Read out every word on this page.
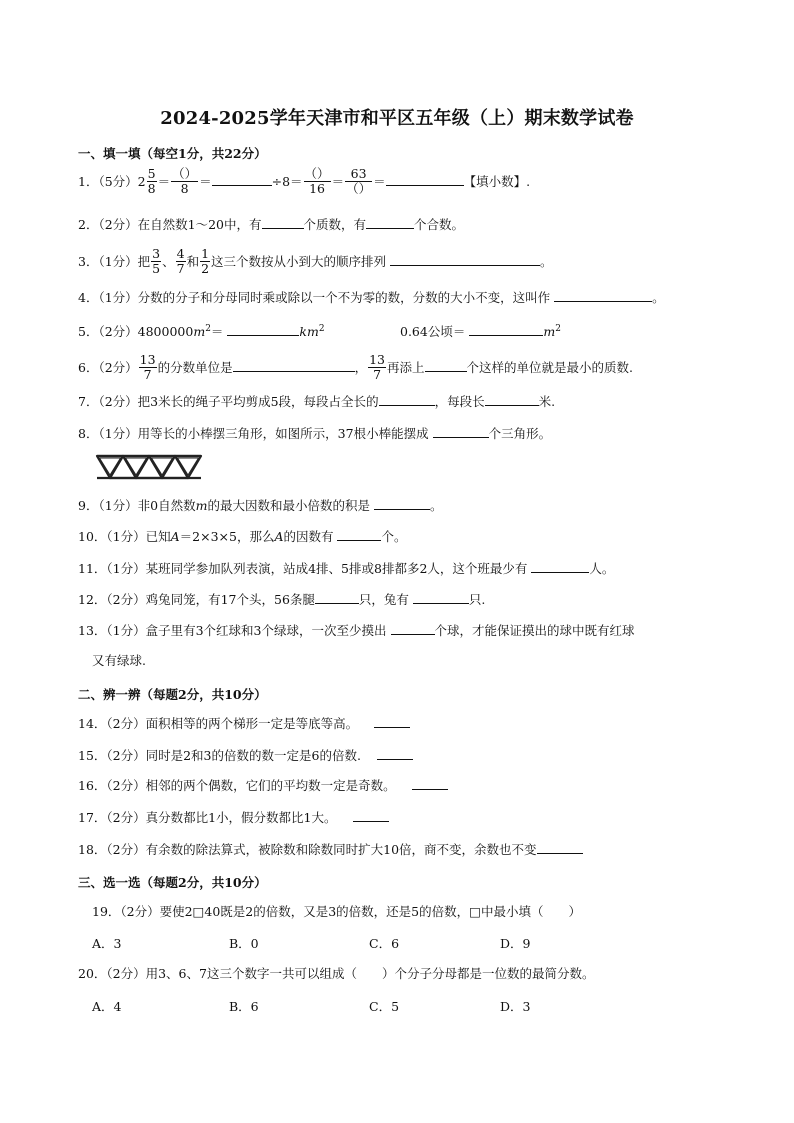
2024-2025学年天津市和平区五年级（上）期末数学试卷
一、填一填（每空1分，共22分）
1．（5分）$2 \frac{5}{8} = \frac{()}{8}$ ＝	$\div 8= \frac{()}{16} = \frac{63}{()}$ ＝	【填小数】.
2．（2分）在自然数1～20中，有	个质数，有	个合数。
3．（1分）把 $\frac{3}{5}$ 、 $\frac{4}{7}$ 和 $\frac{1}{2}$ 这三个数按从小到大的顺序排列	。
4．（1分）分数的分子和分母同时乘或除以一个不为零的数，分数的大小不变，这叫作	。
5．（2分）$4800000m^2=$	$km^2$	0.64公顷＝	$m^2$
6．（2分） $\frac{13}{7}$ 的分数单位是	， $\frac{13}{7}$ 再添上	个这样的单位就是最小的质数.
7．（2分）把3米长的绳子平均剪成5段，每段占全长的	，每段长	米.
8．（1分）用等长的小棒摆三角形，如图所示，37根小棒能摆成	个三角形。
9．（1分）非0自然数m的最大因数和最小倍数的积是	。
10．（1分）已知A＝2×3×5，那么A的因数有	个。
11．（1分）某班同学参加队列表演，站成4排、5排或8排都多2人，这个班最少有	人。
12．（2分）鸡兔同笼，有17个头，56条腿	只，兔有	只.
13．（1分）盒子里有3个红球和3个绿球，一次至少摸出	个球，才能保证摸出的球中既有红球
又有绿球.
二、辨一辨（每题2分，共10分）
14．（2分）面积相等的两个梯形一定是等底等高。
15．（2分）同时是2和3的倍数的数一定是6的倍数.
16．（2分）相邻的两个偶数，它们的平均数一定是奇数。
17．（2分）真分数都比1小，假分数都比1大。
18．（2分）有余数的除法算式，被除数和除数同时扩大10倍，商不变，余数也不变
三、选一选（每题2分，共10分）
19．（2分）要使2□40既是2的倍数，又是3的倍数，还是5的倍数，□中最小填（　　）
A．3	B．0	C．6	D．9
20．（2分）用3、6、7这三个数字一共可以组成（　　）个分子分母都是一位数的最简分数。
A．4	B．6	C．5	D．3
